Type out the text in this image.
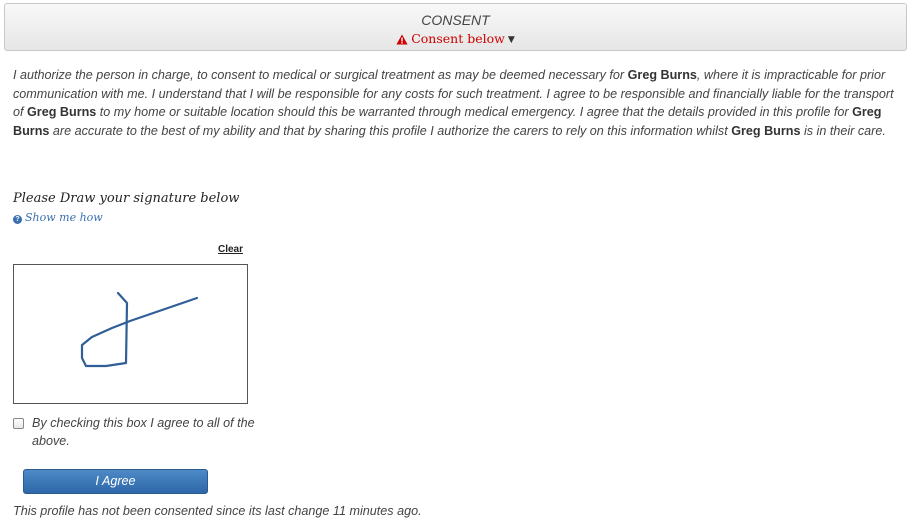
CONSENT
Consent below ▼
I authorize the person in charge, to consent to medical or surgical treatment as may be deemed necessary for Greg Burns, where it is impracticable for prior communication with me. I understand that I will be responsible for any costs for such treatment. I agree to be responsible and financially liable for the transport of Greg Burns to my home or suitable location should this be warranted through medical emergency. I agree that the details provided in this profile for Greg Burns are accurate to the best of my ability and that by sharing this profile I authorize the carers to rely on this information whilst Greg Burns is in their care.
Please Draw your signature below
? Show me how
Clear
By checking this box I agree to all of the above.
I Agree
This profile has not been consented since its last change 11 minutes ago.
